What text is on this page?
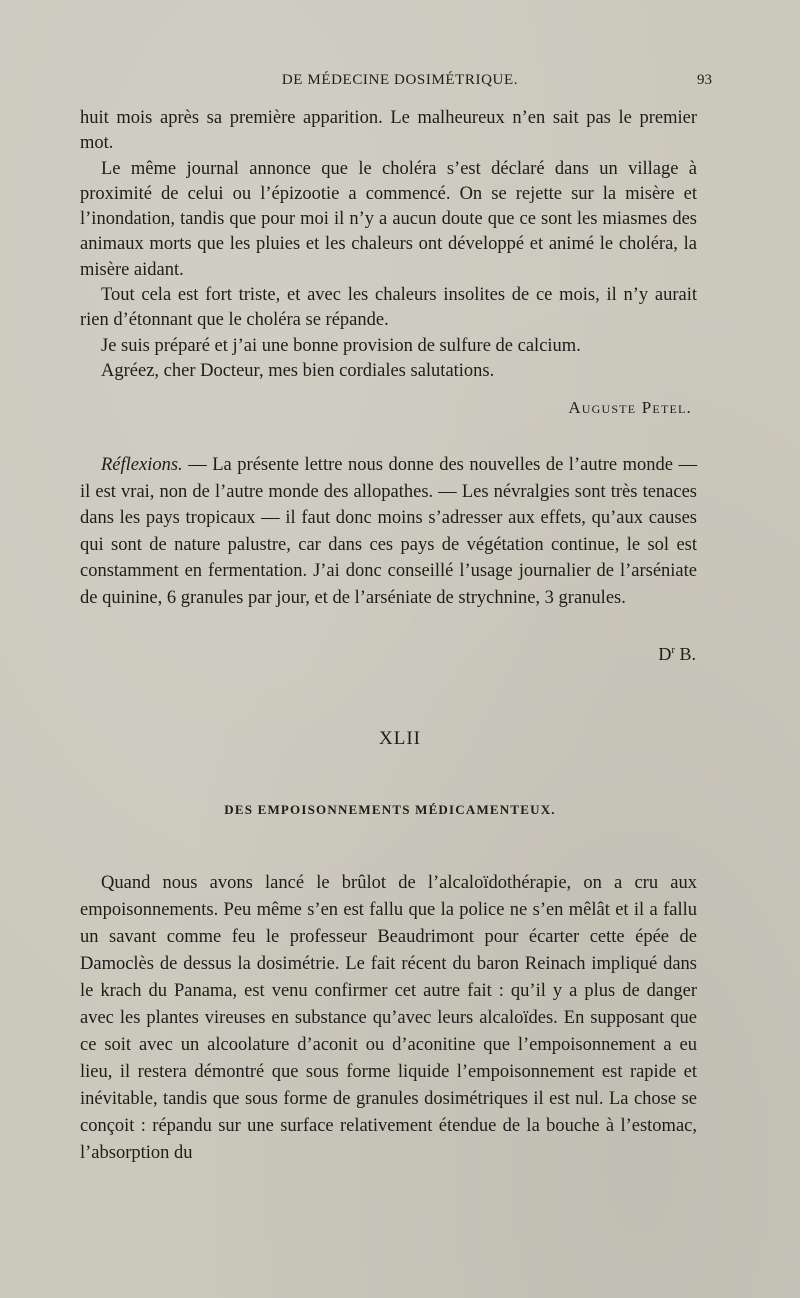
DE MÉDECINE DOSIMÉTRIQUE.	93

huit mois après sa première apparition. Le malheureux n’en sait pas le premier mot.

Le même journal annonce que le choléra s’est déclaré dans un village à proximité de celui ou l’épizootie a commencé. On se rejette sur la misère et l’inondation, tandis que pour moi il n’y a aucun doute que ce sont les miasmes des animaux morts que les pluies et les chaleurs ont développé et animé le choléra, la misère aidant.

Tout cela est fort triste, et avec les chaleurs insolites de ce mois, il n’y aurait rien d’étonnant que le choléra se répande.

Je suis préparé et j’ai une bonne provision de sulfure de calcium.

Agréez, cher Docteur, mes bien cordiales salutations.

Auguste Petel.

Réflexions. — La présente lettre nous donne des nouvelles de l’autre monde — il est vrai, non de l’autre monde des allopathes. — Les névralgies sont très tenaces dans les pays tropicaux — il faut donc moins s’adresser aux effets, qu’aux causes qui sont de nature palustre, car dans ces pays de végétation continue, le sol est constamment en fermentation. J’ai donc conseillé l’usage journalier de l’arséniate de quinine, 6 granules par jour, et de l’arséniate de strychnine, 3 granules.

$D^r$ B.
XLII
DES EMPOISONNEMENTS MÉDICAMENTEUX.

Quand nous avons lancé le brûlot de l’alcaloïdothérapie, on a cru aux empoisonnements. Peu même s’en est fallu que la police ne s’en mêlât et il a fallu un savant comme feu le professeur Beaudrimont pour écarter cette épée de Damoclès de dessus la dosimétrie. Le fait récent du baron Reinach impliqué dans le krach du Panama, est venu confirmer cet autre fait : qu’il y a plus de danger avec les plantes vireuses en substance qu’avec leurs alcaloïdes. En supposant que ce soit avec un alcoolature d’aconit ou d’aconitine que l’empoisonnement a eu lieu, il restera démontré que sous forme liquide l’empoisonnement est rapide et inévitable, tandis que sous forme de granules dosimétriques il est nul. La chose se conçoit : répandu sur une surface relativement étendue de la bouche à l’estomac, l’absorption du
